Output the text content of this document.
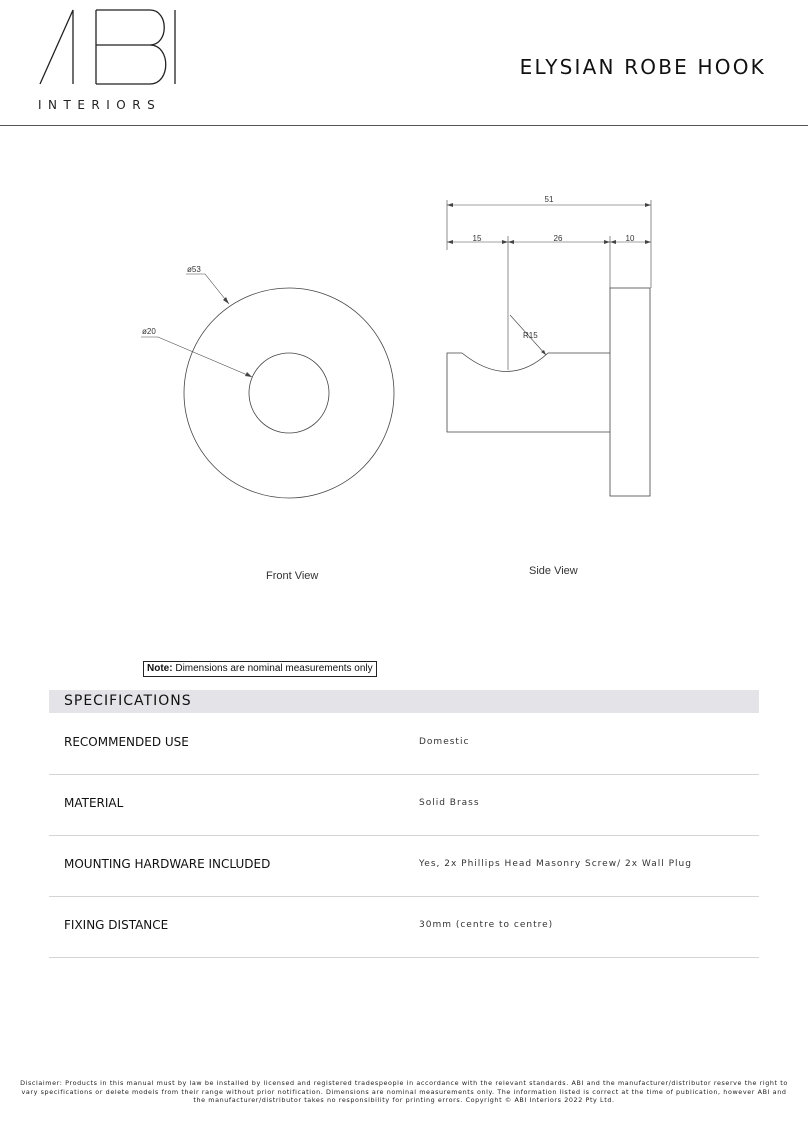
INTERIORS
ELYSIAN ROBE HOOK
ø53
ø20
51
15	26	10
R15
Front View	Side View
Note: Dimensions are nominal measurements only
SPECIFICATIONS
RECOMMENDED USE	Domestic
MATERIAL	Solid Brass
MOUNTING HARDWARE INCLUDED	Yes, 2x Phillips Head Masonry Screw/ 2x Wall Plug
FIXING DISTANCE	30mm (centre to centre)
Disclaimer: Products in this manual must by law be installed by licensed and registered tradespeople in accordance with the relevant standards. ABI and the manufacturer/distributor reserve the right to vary specifications or delete models from their range without prior notification. Dimensions are nominal measurements only. The information listed is correct at the time of publication, however ABI and the manufacturer/distributor takes no responsibility for printing errors. Copyright © ABI Interiors 2022 Pty Ltd.
